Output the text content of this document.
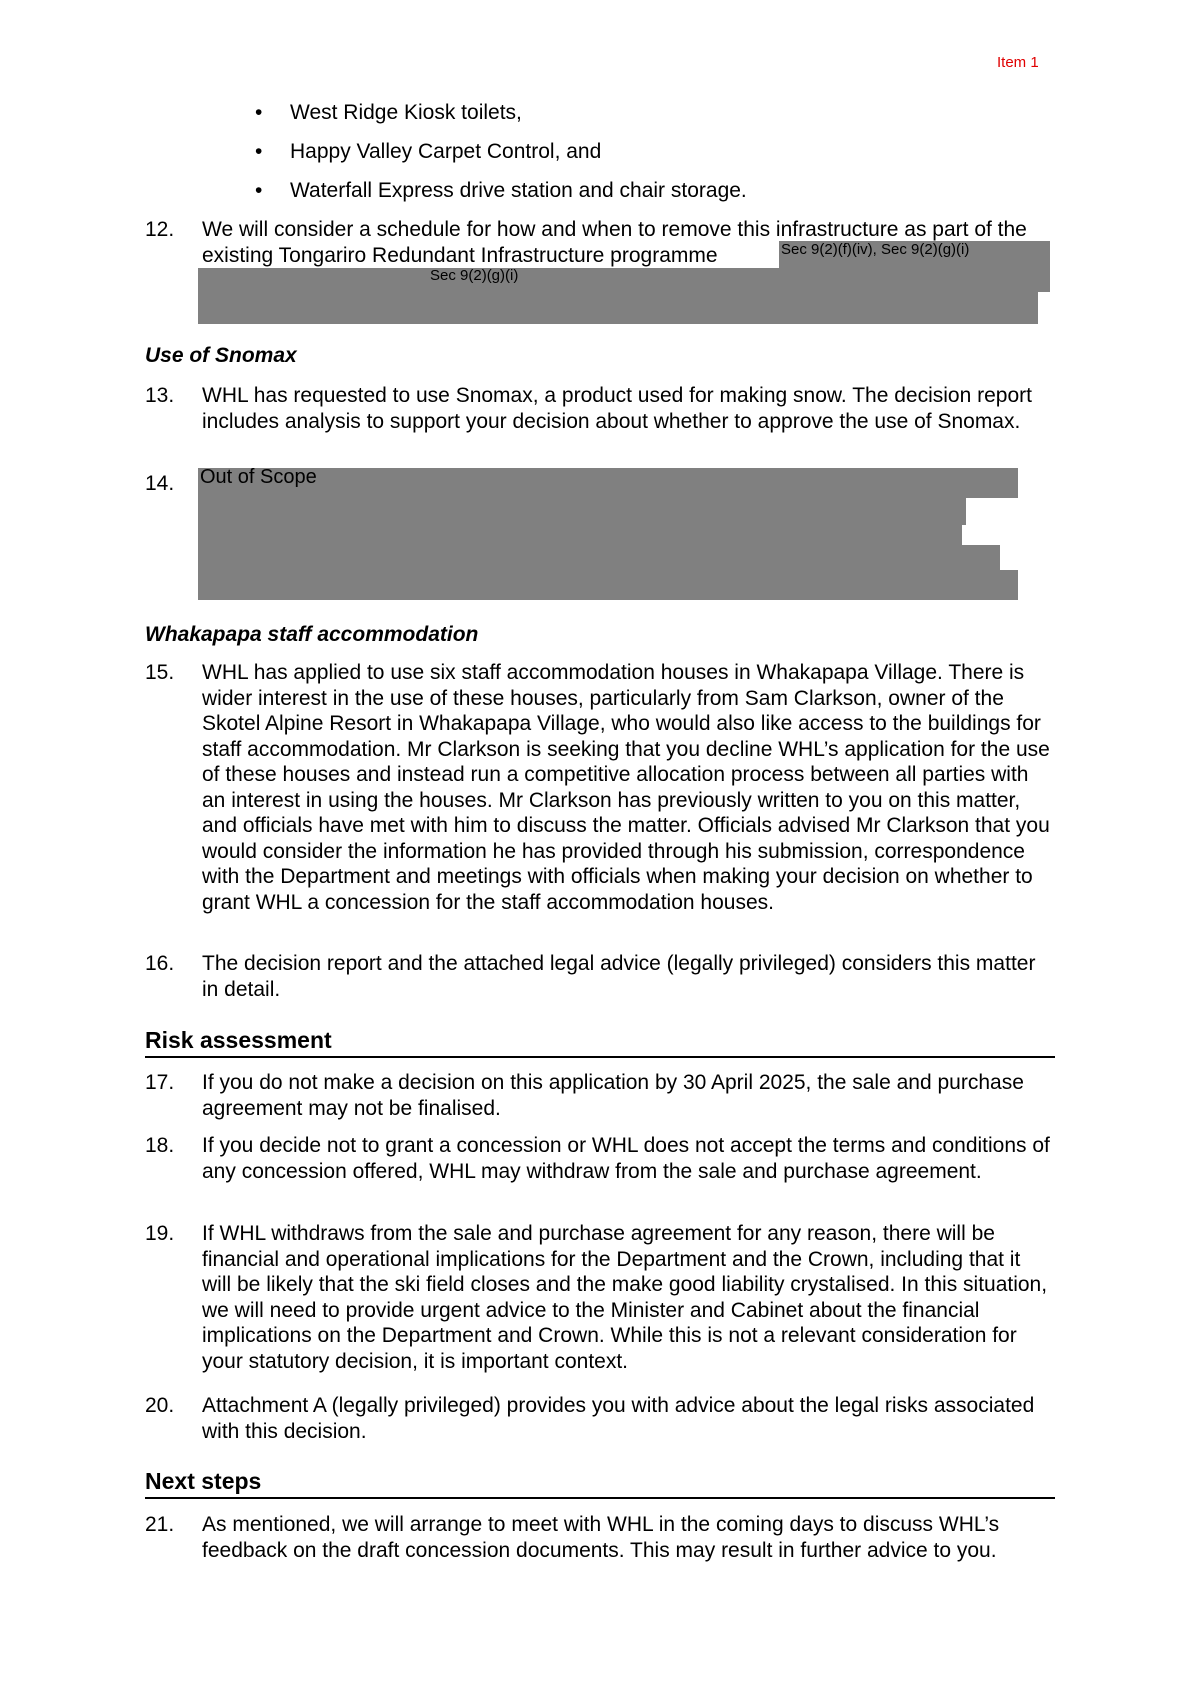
Item 1
• West Ridge Kiosk toilets,
• Happy Valley Carpet Control, and
• Waterfall Express drive station and chair storage.
12. We will consider a schedule for how and when to remove this infrastructure as part of the existing Tongariro Redundant Infrastructure programme	Sec 9(2)(f)(iv), Sec 9(2)(g)(i)
Sec 9(2)(g)(i)
Use of Snomax
13. WHL has requested to use Snomax, a product used for making snow. The decision report includes analysis to support your decision about whether to approve the use of Snomax.
14. Out of Scope
Whakapapa staff accommodation
15. WHL has applied to use six staff accommodation houses in Whakapapa Village. There is wider interest in the use of these houses, particularly from Sam Clarkson, owner of the Skotel Alpine Resort in Whakapapa Village, who would also like access to the buildings for staff accommodation. Mr Clarkson is seeking that you decline WHL’s application for the use of these houses and instead run a competitive allocation process between all parties with an interest in using the houses. Mr Clarkson has previously written to you on this matter, and officials have met with him to discuss the matter. Officials advised Mr Clarkson that you would consider the information he has provided through his submission, correspondence with the Department and meetings with officials when making your decision on whether to grant WHL a concession for the staff accommodation houses.
16. The decision report and the attached legal advice (legally privileged) considers this matter in detail.
Risk assessment
17. If you do not make a decision on this application by 30 April 2025, the sale and purchase agreement may not be finalised.
18. If you decide not to grant a concession or WHL does not accept the terms and conditions of any concession offered, WHL may withdraw from the sale and purchase agreement.
19. If WHL withdraws from the sale and purchase agreement for any reason, there will be financial and operational implications for the Department and the Crown, including that it will be likely that the ski field closes and the make good liability crystalised. In this situation, we will need to provide urgent advice to the Minister and Cabinet about the financial implications on the Department and Crown. While this is not a relevant consideration for your statutory decision, it is important context.
20. Attachment A (legally privileged) provides you with advice about the legal risks associated with this decision.
Next steps
21. As mentioned, we will arrange to meet with WHL in the coming days to discuss WHL’s feedback on the draft concession documents. This may result in further advice to you.
